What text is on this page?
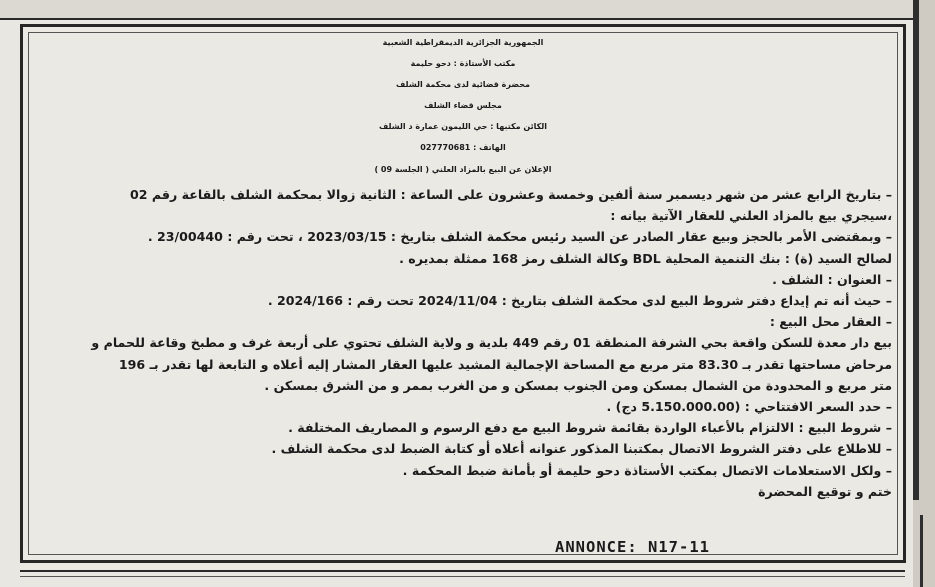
الجمهورية الجزائرية الديمقراطية الشعبية

مكتب الأستاذة : دحو حليمة

محضرة قضائية لدى محكمة الشلف

مجلس قضاء الشلف

الكائن مكتبها : حي الليمون عمارة د الشلف

الهاتف : 027770681

الإعلان عن البيع بالمزاد العلني ( الجلسة 09 )

– بتاريخ الرابع عشر من شهر ديسمبر سنة ألفين وخمسة وعشرون على الساعة : الثانية زوالا بمحكمة الشلف بالقاعة رقم 02

،سيجري بيع بالمزاد العلني للعقار الآتية بيانه :

– وبمقتضى الأمر بالحجز وبيع عقار الصادر عن السيد رئيس محكمة الشلف بتاريخ : 2023/03/15 ، تحت رقم : 23/00440 .

لصالح السيد (ة) : بنك التنمية المحلية BDL وكالة الشلف رمز 168 ممثلة بمديره .

– العنوان : الشلف .

– حيث أنه تم إيداع دفتر شروط البيع لدى محكمة الشلف بتاريخ : 2024/11/04 تحت رقم : 2024/166 .

– العقار محل البيع :

بيع دار معدة للسكن واقعة بحي الشرفة المنطقة 01 رقم 449 بلدية و ولاية الشلف تحتوي على أربعة غرف و مطبخ وقاعة للحمام و

مرحاض مساحتها تقدر بـ 83.30 متر مربع مع المساحة الإجمالية المشيد عليها العقار المشار إليه أعلاه و التابعة لها تقدر بـ 196

متر مربع و المحدودة من الشمال بمسكن ومن الجنوب بمسكن و من الغرب بممر و من الشرق بمسكن .

– حدد السعر الافتتاحي : (5.150.000.00 دج) .

– شروط البيع : الالتزام بالأعباء الواردة بقائمة شروط البيع مع دفع الرسوم و المصاريف المختلفة .

– للاطلاع على دفتر الشروط الاتصال بمكتبنا المذكور عنوانه أعلاه أو كتابة الضبط لدى محكمة الشلف .

– ولكل الاستعلامات الاتصال بمكتب الأستاذة دحو حليمة أو بأمانة ضبط المحكمة .

ختم و توقيع المحضرة

ANNONCE: N17-11
